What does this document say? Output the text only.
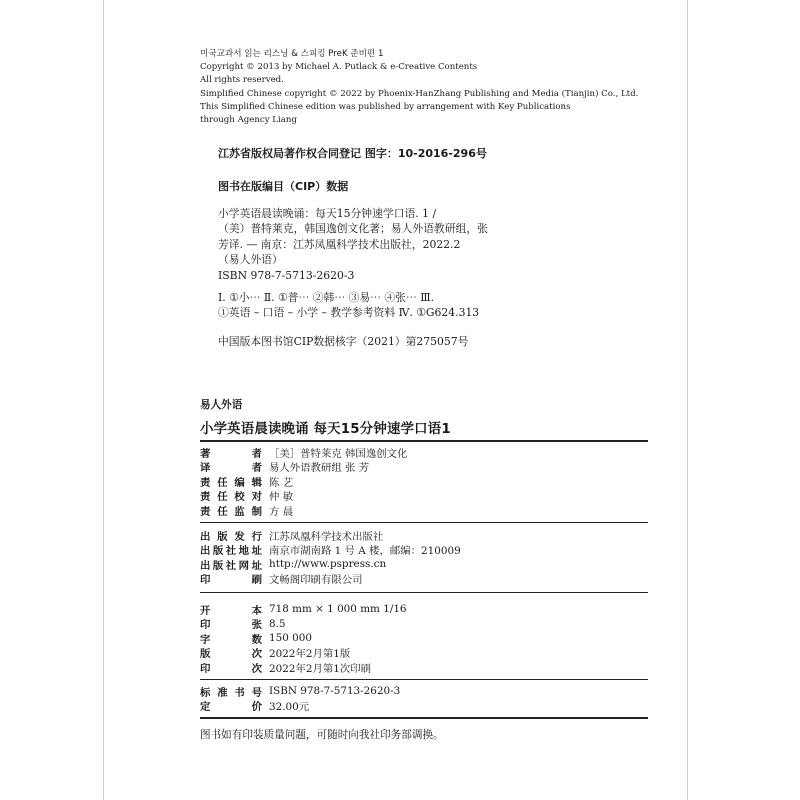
미국교과서 읽는 리스닝 & 스피킹 PreK 준비편 1
Copyright © 2013 by Michael A. Putlack & e-Creative Contents
All rights reserved.
Simplified Chinese copyright © 2022 by Phoenix-HanZhang Publishing and Media (Tianjin) Co., Ltd.
This Simplified Chinese edition was published by arrangement with Key Publications
through Agency Liang
江苏省版权局著作权合同登记 图字：10-2016-296号
图书在版编目（CIP）数据
小学英语晨读晚诵：每天15分钟速学口语. 1 /
（美）普特莱克，韩国逸创文化著；易人外语教研组，张
芳译. — 南京：江苏凤凰科学技术出版社，2022.2
（易人外语）
ISBN 978-7-5713-2620-3
Ⅰ. ①小⋯ Ⅱ. ①普⋯ ②韩⋯ ③易⋯ ④张⋯ Ⅲ.
①英语 – 口语 – 小学 – 教学参考资料 Ⅳ. ①G624.313
中国版本图书馆CIP数据核字（2021）第275057号
易人外语
小学英语晨读晚诵 每天15分钟速学口语1
著	者 ［美］普特莱克 韩国逸创文化
译	者 易人外语教研组 张 芳
责 任 编 辑 陈 艺
责 任 校 对 仲 敏
责 任 监 制 方 晨
出 版 发 行 江苏凤凰科学技术出版社
出 版 社 地 址 南京市湖南路 1 号 A 楼，邮编：210009
出 版 社 网 址 http://www.pspress.cn
印	刷 文畅阁印刷有限公司
开	本 718 mm × 1 000 mm 1/16
印	张 8.5
字	数 150 000
版	次 2022年2月第1版
印	次 2022年2月第1次印刷
标 准 书 号 ISBN 978-7-5713-2620-3
定	价 32.00元
图书如有印装质量问题，可随时向我社印务部调换。
